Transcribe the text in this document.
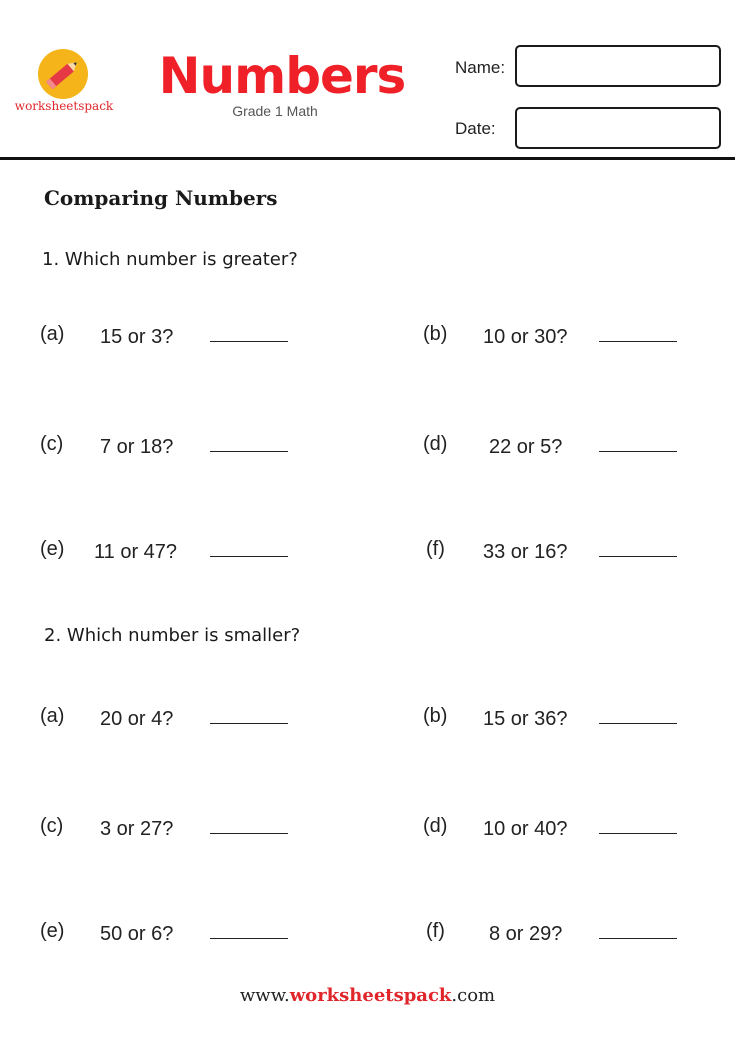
worksheetspack
Numbers
Grade 1 Math
Name:
Date:
Comparing Numbers
1. Which number is greater?
(a) 15 or 3?	(b) 10 or 30?
(c) 7 or 18?	(d) 22 or 5?
(e) 11 or 47?	(f) 33 or 16?
2. Which number is smaller?
(a) 20 or 4?	(b) 15 or 36?
(c) 3 or 27?	(d) 10 or 40?
(e) 50 or 6?	(f) 8 or 29?
www.worksheetspack.com
